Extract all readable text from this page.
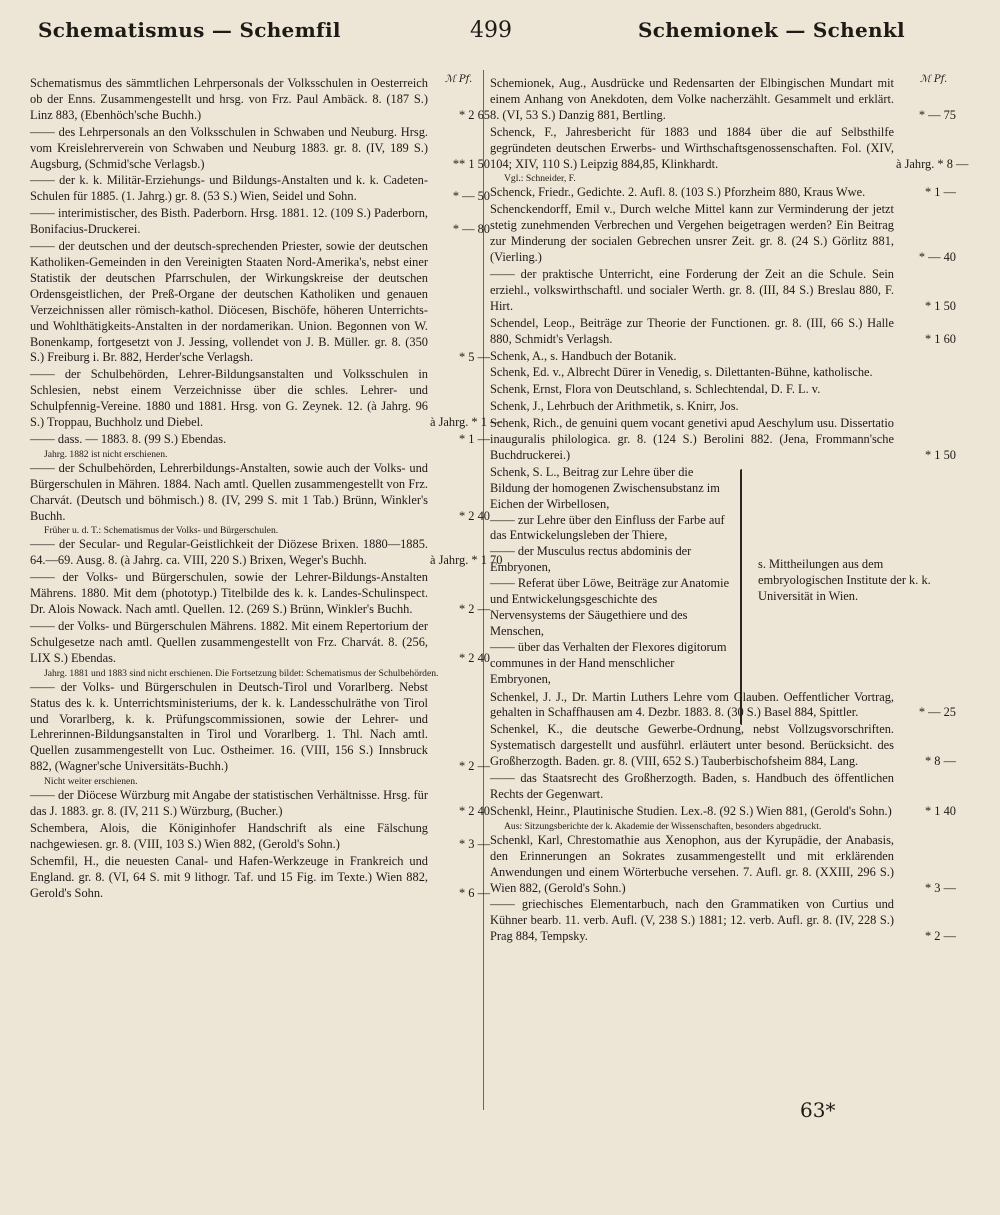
Schematismus — Schemfil	499	Schemionek — Schenkl
ℳ Pf.	ℳ Pf.
Schematismus des sämmtlichen Lehrpersonals der Volksschulen in Oesterreich ob der Enns. Zusammengestellt und hrsg. von Frz. Paul Ambäck. 8. (187 S.) Linz 883, (Ebenhöch'sche Buchh.)	* 2 65
—— des Lehrpersonals an den Volksschulen in Schwaben und Neuburg. Hrsg. vom Kreislehrerverein von Schwaben und Neuburg 1883. gr. 8. (IV, 189 S.) Augsburg, (Schmid'sche Verlagsb.)	** 1 50
—— der k. k. Militär-Erziehungs- und Bildungs-Anstalten und k. k. Cadeten-Schulen für 1885. (1. Jahrg.) gr. 8. (53 S.) Wien, Seidel und Sohn.	* — 50
—— interimistischer, des Bisth. Paderborn. Hrsg. 1881. 12. (109 S.) Paderborn, Bonifacius-Druckerei.	* — 80
—— der deutschen und der deutsch-sprechenden Priester, sowie der deutschen Katholiken-Gemeinden in den Vereinigten Staaten Nord-Amerika's, nebst einer Statistik der deutschen Pfarrschulen, der Wirkungskreise der deutschen Ordensgeistlichen, der Preß-Organe der deutschen Katholiken und genauen Verzeichnissen aller römisch-kathol. Diöcesen, Bischöfe, höheren Unterrichts- und Wohlthätigkeits-Anstalten in der nordamerikan. Union. Begonnen von W. Bonenkamp, fortgesetzt von J. Jessing, vollendet von J. B. Müller. gr. 8. (350 S.) Freiburg i. Br. 882, Herder'sche Verlagsh.	* 5 —
—— der Schulbehörden, Lehrer-Bildungsanstalten und Volksschulen in Schlesien, nebst einem Verzeichnisse über die schles. Lehrer- und Schulpfennig-Vereine. 1880 und 1881. Hrsg. von G. Zeynek. 12. (à Jahrg. 96 S.) Troppau, Buchholz und Diebel.	à Jahrg. * 1 —
—— dass. — 1883. 8. (99 S.) Ebendas.	* 1 —
Jahrg. 1882 ist nicht erschienen.
—— der Schulbehörden, Lehrerbildungs-Anstalten, sowie auch der Volks- und Bürgerschulen in Mähren. 1884. Nach amtl. Quellen zusammengestellt von Frz. Charvát. (Deutsch und böhmisch.) 8. (IV, 299 S. mit 1 Tab.) Brünn, Winkler's Buchh.	* 2 40
Früher u. d. T.: Schematismus der Volks- und Bürgerschulen.
—— der Secular- und Regular-Geistlichkeit der Diözese Brixen. 1880—1885. 64.—69. Ausg. 8. (à Jahrg. ca. VIII, 220 S.) Brixen, Weger's Buchh.	à Jahrg. * 1 70
—— der Volks- und Bürgerschulen, sowie der Lehrer-Bildungs-Anstalten Mährens. 1880. Mit dem (phototyp.) Titelbilde des k. k. Landes-Schulinspect. Dr. Alois Nowack. Nach amtl. Quellen. 12. (269 S.) Brünn, Winkler's Buchh.	* 2 —
—— der Volks- und Bürgerschulen Mährens. 1882. Mit einem Repertorium der Schulgesetze nach amtl. Quellen zusammengestellt von Frz. Charvát. 8. (256, LIX S.) Ebendas.	* 2 40
Jahrg. 1881 und 1883 sind nicht erschienen. Die Fortsetzung bildet: Schematismus der Schulbehörden.
—— der Volks- und Bürgerschulen in Deutsch-Tirol und Vorarlberg. Nebst Status des k. k. Unterrichtsministeriums, der k. k. Landesschulräthe von Tirol und Vorarlberg, k. k. Prüfungscommissionen, sowie der Lehrer- und Lehrerinnen-Bildungsanstalten in Tirol und Vorarlberg. 1. Thl. Nach amtl. Quellen zusammengestellt von Luc. Ostheimer. 16. (VIII, 156 S.) Innsbruck 882, (Wagner'sche Universitäts-Buchh.)	* 2 —
Nicht weiter erschienen.
—— der Diöcese Würzburg mit Angabe der statistischen Verhältnisse. Hrsg. für das J. 1883. gr. 8. (IV, 211 S.) Würzburg, (Bucher.)	* 2 40
Schembera, Alois, die Königinhofer Handschrift als eine Fälschung nachgewiesen. gr. 8. (VIII, 103 S.) Wien 882, (Gerold's Sohn.)	* 3 —
Schemfil, H., die neuesten Canal- und Hafen-Werkzeuge in Frankreich und England. gr. 8. (VI, 64 S. mit 9 lithogr. Taf. und 15 Fig. im Texte.) Wien 882, Gerold's Sohn.	* 6 —
Schemionek, Aug., Ausdrücke und Redensarten der Elbingischen Mundart mit einem Anhang von Anekdoten, dem Volke nacherzählt. Gesammelt und erklärt. 8. (VI, 53 S.) Danzig 881, Bertling.	* — 75
Schenck, F., Jahresbericht für 1883 und 1884 über die auf Selbsthilfe gegründeten deutschen Erwerbs- und Wirthschaftsgenossenschaften. Fol. (XIV, 104; XIV, 110 S.) Leipzig 884,85, Klinkhardt.	à Jahrg. * 8 —
Vgl.: Schneider, F.
Schenck, Friedr., Gedichte. 2. Aufl. 8. (103 S.) Pforzheim 880, Kraus Wwe.	* 1 —
Schenckendorff, Emil v., Durch welche Mittel kann zur Verminderung der jetzt stetig zunehmenden Verbrechen und Vergehen beigetragen werden? Ein Beitrag zur Minderung der socialen Gebrechen unsrer Zeit. gr. 8. (24 S.) Görlitz 881, (Vierling.)	* — 40
—— der praktische Unterricht, eine Forderung der Zeit an die Schule. Sein erziehl., volkswirthschaftl. und socialer Werth. gr. 8. (III, 84 S.) Breslau 880, F. Hirt.	* 1 50
Schendel, Leop., Beiträge zur Theorie der Functionen. gr. 8. (III, 66 S.) Halle 880, Schmidt's Verlagsh.	* 1 60
Schenk, A., s. Handbuch der Botanik.
Schenk, Ed. v., Albrecht Dürer in Venedig, s. Dilettanten-Bühne, katholische.
Schenk, Ernst, Flora von Deutschland, s. Schlechtendal, D. F. L. v.
Schenk, J., Lehrbuch der Arithmetik, s. Knirr, Jos.
Schenk, Rich., de genuini quem vocant genetivi apud Aeschylum usu. Dissertatio inauguralis philologica. gr. 8. (124 S.) Berolini 882. (Jena, Frommann'sche Buchdruckerei.)	* 1 50
Schenk, S. L., Beitrag zur Lehre über die Bildung der homogenen Zwischensubstanz im Eichen der Wirbellosen,
—— zur Lehre über den Einfluss der Farbe auf das Entwickelungsleben der Thiere,
—— der Musculus rectus abdominis der Embryonen,
—— Referat über Löwe, Beiträge zur Anatomie und Entwickelungsgeschichte des Nervensystems der Säugethiere und des Menschen,
—— über das Verhalten der Flexores digitorum communes in der Hand menschlicher Embryonen,
s. Mittheilungen aus dem embryologischen Institute der k. k. Universität in Wien.
Schenkel, J. J., Dr. Martin Luthers Lehre vom Glauben. Oeffentlicher Vortrag, gehalten in Schaffhausen am 4. Dezbr. 1883. 8. (30 S.) Basel 884, Spittler.	* — 25
Schenkel, K., die deutsche Gewerbe-Ordnung, nebst Vollzugsvorschriften. Systematisch dargestellt und ausführl. erläutert unter besond. Berücksicht. des Großherzogth. Baden. gr. 8. (VIII, 652 S.) Tauberbischofsheim 884, Lang.	* 8 —
—— das Staatsrecht des Großherzogth. Baden, s. Handbuch des öffentlichen Rechts der Gegenwart.
Schenkl, Heinr., Plautinische Studien. Lex.-8. (92 S.) Wien 881, (Gerold's Sohn.)	* 1 40
Aus: Sitzungsberichte der k. Akademie der Wissenschaften, besonders abgedruckt.
Schenkl, Karl, Chrestomathie aus Xenophon, aus der Kyrupädie, der Anabasis, den Erinnerungen an Sokrates zusammengestellt und mit erklärenden Anwendungen und einem Wörterbuche versehen. 7. Aufl. gr. 8. (XXIII, 296 S.) Wien 882, (Gerold's Sohn.)	* 3 —
—— griechisches Elementarbuch, nach den Grammatiken von Curtius und Kühner bearb. 11. verb. Aufl. (V, 238 S.) 1881; 12. verb. Aufl. gr. 8. (IV, 228 S.) Prag 884, Tempsky.	* 2 —
63*
